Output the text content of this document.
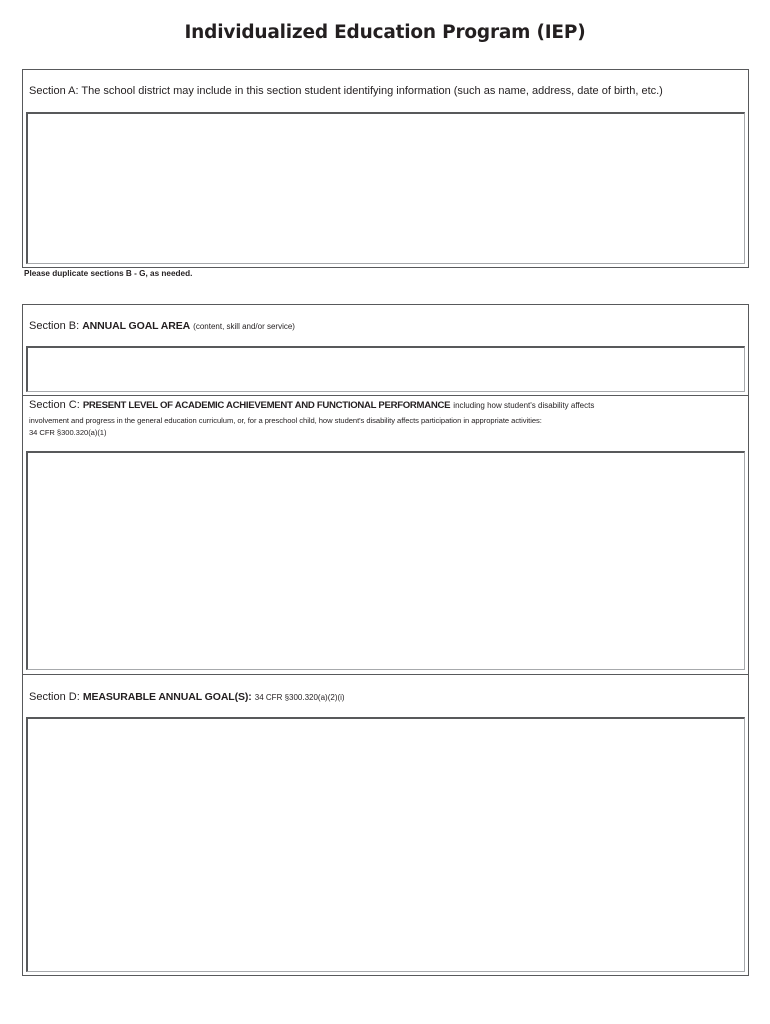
Individualized Education Program (IEP)
Section A: The school district may include in this section student identifying information (such as name, address, date of birth, etc.)
Please duplicate sections B - G, as needed.
Section B: ANNUAL GOAL AREA (content, skill and/or service)
Section C: PRESENT LEVEL OF ACADEMIC ACHIEVEMENT AND FUNCTIONAL PERFORMANCE including how student's disability affects
involvement and progress in the general education curriculum, or, for a preschool child, how student's disability affects participation in appropriate activities:
34 CFR §300.320(a)(1)
Section D: MEASURABLE ANNUAL GOAL(S): 34 CFR §300.320(a)(2)(i)
